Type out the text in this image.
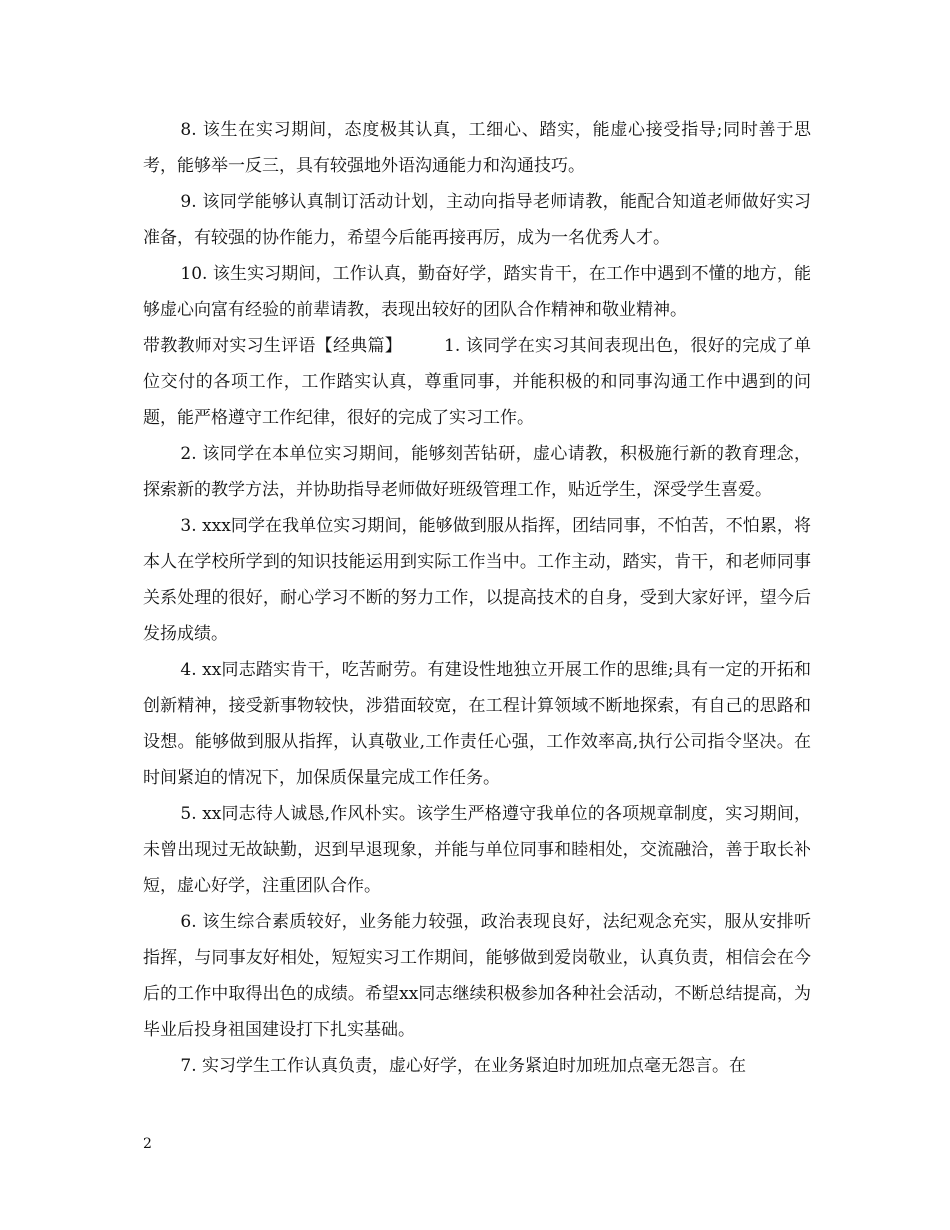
8. 该生在实习期间，态度极其认真，工细心、踏实，能虚心接受指导;同时善于思考，能够举一反三，具有较强地外语沟通能力和沟通技巧。

9. 该同学能够认真制订活动计划，主动向指导老师请教，能配合知道老师做好实习准备，有较强的协作能力，希望今后能再接再厉，成为一名优秀人才。

10. 该生实习期间，工作认真，勤奋好学，踏实肯干，在工作中遇到不懂的地方，能够虚心向富有经验的前辈请教，表现出较好的团队合作精神和敬业精神。

带教教师对实习生评语【经典篇】 1. 该同学在实习其间表现出色，很好的完成了单位交付的各项工作，工作踏实认真，尊重同事，并能积极的和同事沟通工作中遇到的问题，能严格遵守工作纪律，很好的完成了实习工作。

2. 该同学在本单位实习期间，能够刻苦钻研，虚心请教，积极施行新的教育理念，探索新的教学方法，并协助指导老师做好班级管理工作，贴近学生，深受学生喜爱。

3. xxx同学在我单位实习期间，能够做到服从指挥，团结同事，不怕苦，不怕累，将本人在学校所学到的知识技能运用到实际工作当中。工作主动，踏实，肯干，和老师同事关系处理的很好，耐心学习不断的努力工作，以提高技术的自身，受到大家好评，望今后发扬成绩。

4. xx同志踏实肯干，吃苦耐劳。有建设性地独立开展工作的思维;具有一定的开拓和创新精神，接受新事物较快，涉猎面较宽，在工程计算领域不断地探索，有自己的思路和设想。能够做到服从指挥，认真敬业,工作责任心强，工作效率高,执行公司指令坚决。在时间紧迫的情况下，加保质保量完成工作任务。

5. xx同志待人诚恳,作风朴实。该学生严格遵守我单位的各项规章制度，实习期间，未曾出现过无故缺勤，迟到早退现象，并能与单位同事和睦相处，交流融洽，善于取长补短，虚心好学，注重团队合作。

6. 该生综合素质较好，业务能力较强，政治表现良好，法纪观念充实，服从安排听指挥，与同事友好相处，短短实习工作期间，能够做到爱岗敬业，认真负责，相信会在今后的工作中取得出色的成绩。希望xx同志继续积极参加各种社会活动，不断总结提高，为毕业后投身祖国建设打下扎实基础。

7. 实习学生工作认真负责，虚心好学，在业务紧迫时加班加点毫无怨言。在

2
